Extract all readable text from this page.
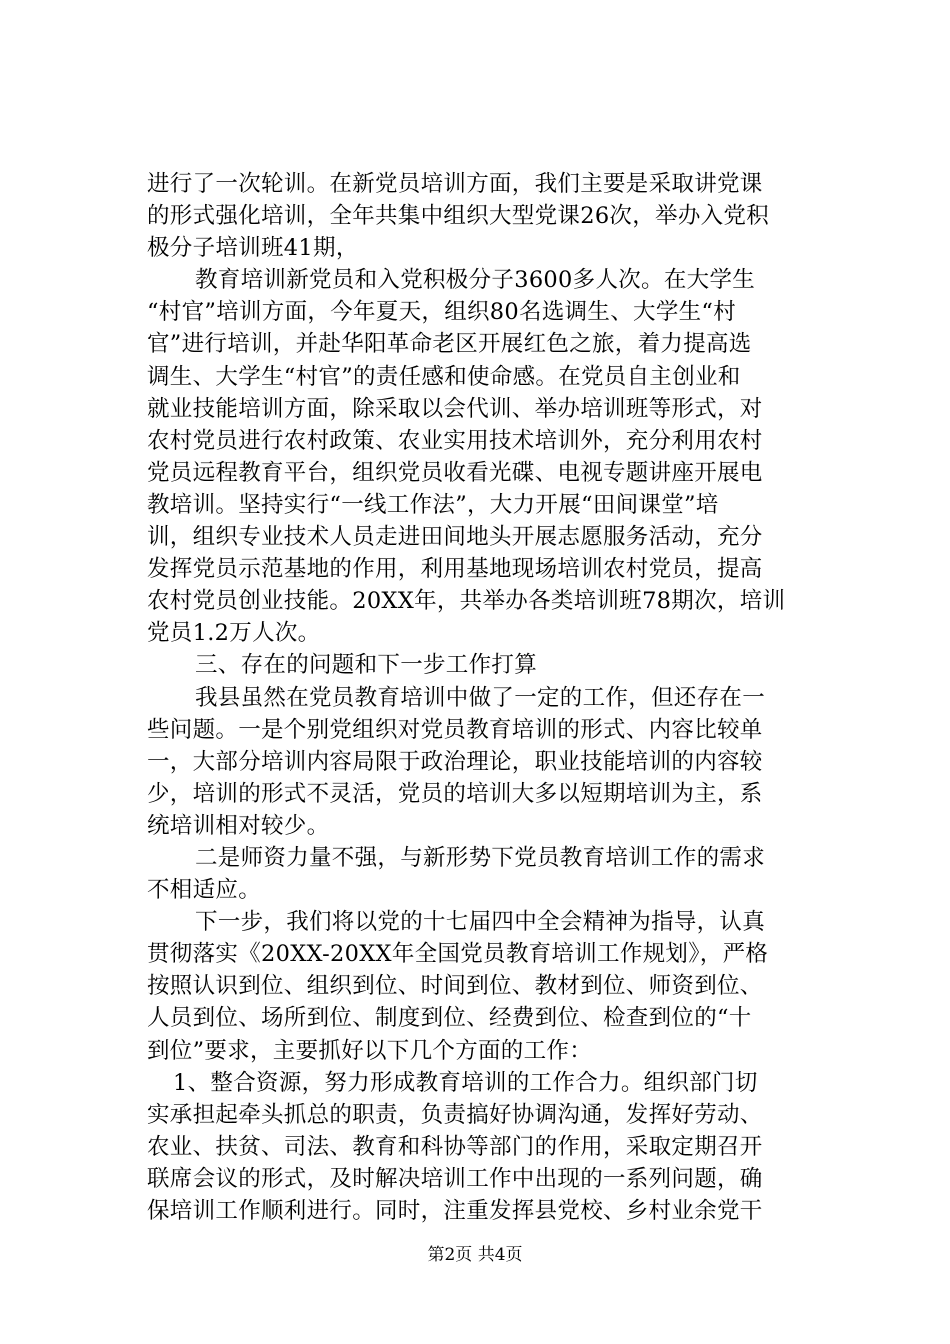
进行了一次轮训。在新党员培训方面，我们主要是采取讲党课
的形式强化培训，全年共集中组织大型党课26次，举办入党积
极分子培训班41期，
教育培训新党员和入党积极分子3600多人次。在大学生
“村官”培训方面，今年夏天，组织80名选调生、大学生“村
官”进行培训，并赴华阳革命老区开展红色之旅，着力提高选
调生、大学生“村官”的责任感和使命感。在党员自主创业和
就业技能培训方面，除采取以会代训、举办培训班等形式，对
农村党员进行农村政策、农业实用技术培训外，充分利用农村
党员远程教育平台，组织党员收看光碟、电视专题讲座开展电
教培训。坚持实行“一线工作法”，大力开展“田间课堂”培
训，组织专业技术人员走进田间地头开展志愿服务活动，充分
发挥党员示范基地的作用，利用基地现场培训农村党员，提高
农村党员创业技能。20XX年，共举办各类培训班78期次，培训
党员1.2万人次。
三、存在的问题和下一步工作打算
我县虽然在党员教育培训中做了一定的工作，但还存在一
些问题。一是个别党组织对党员教育培训的形式、内容比较单
一，大部分培训内容局限于政治理论，职业技能培训的内容较
少，培训的形式不灵活，党员的培训大多以短期培训为主，系
统培训相对较少。
二是师资力量不强，与新形势下党员教育培训工作的需求
不相适应。
下一步，我们将以党的十七届四中全会精神为指导，认真
贯彻落实《20XX-20XX年全国党员教育培训工作规划》，严格
按照认识到位、组织到位、时间到位、教材到位、师资到位、
人员到位、场所到位、制度到位、经费到位、检查到位的“十
到位”要求，主要抓好以下几个方面的工作：
1、整合资源，努力形成教育培训的工作合力。组织部门切
实承担起牵头抓总的职责，负责搞好协调沟通，发挥好劳动、
农业、扶贫、司法、教育和科协等部门的作用，采取定期召开
联席会议的形式，及时解决培训工作中出现的一系列问题，确
保培训工作顺利进行。同时，注重发挥县党校、乡村业余党干
第2页 共4页
